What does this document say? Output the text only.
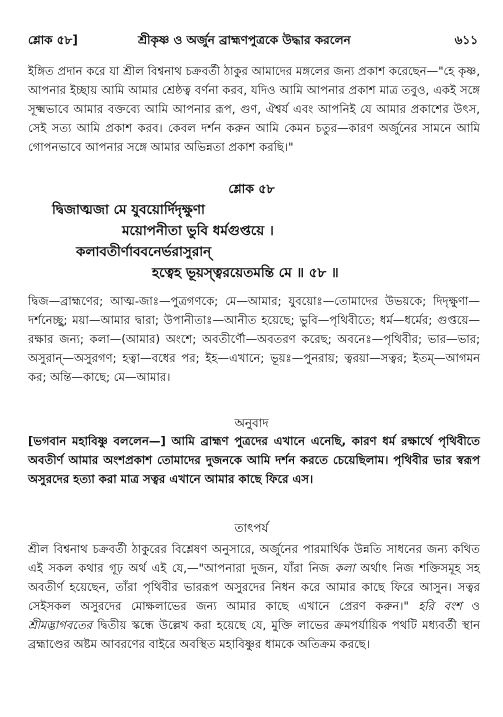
শ্লোক ৫৮]	শ্রীকৃষ্ণ ও অর্জুন ব্রাহ্মণপুত্রকে উদ্ধার করলেন	৬১১
ইঙ্গিত প্রদান করে যা শ্রীল বিশ্বনাথ চক্রবর্তী ঠাকুর আমাদের মঙ্গলের জন্য প্রকাশ করেছেন—"হে কৃষ্ণ, আপনার ইচ্ছায় আমি আমার শ্রেষ্ঠত্ব বর্ণনা করব, যদিও আমি আপনার প্রকাশ মাত্র তবুও, একই সঙ্গে সূক্ষ্মভাবে আমার বক্তব্যে আমি আপনার রূপ, গুণ, ঐশ্বর্য এবং আপনিই যে আমার প্রকাশের উৎস, সেই সত্য আমি প্রকাশ করব। কেবল দর্শন করুন আমি কেমন চতুর—কারণ অর্জুনের সামনে আমি গোপনভাবে আপনার সঙ্গে আমার অভিন্নতা প্রকাশ করছি।"
শ্লোক ৫৮
দ্বিজাত্মজা মে যুবয়োর্দিদৃক্ষুণা
ময়োপনীতা ভুবি ধর্মগুপ্তয়ে ।
কলাবতীর্ণাববনের্ভরাসুরান্
হত্বেহ ভূয়স্ত্বরয়েতমন্তি মে ॥ ৫৮ ॥
দ্বিজ—ব্রাহ্মণের; আত্ম-জাঃ—পুত্রগণকে; মে—আমার; যুবয়োঃ—তোমাদের উভয়কে; দিদৃক্ষুণা—দর্শনেচ্ছু; ময়া—আমার দ্বারা; উপানীতাঃ—আনীত হয়েছে; ভুবি—পৃথিবীতে; ধর্ম—ধর্মের; গুপ্তয়ে—রক্ষার জন্য; কলা—(আমার) অংশে; অবতীর্ণৌ—অবতরণ করেছ; অবনেঃ—পৃথিবীর; ভার—ভার; অসুরান্—অসুরগণ; হত্বা—বধের পর; ইহ—এখানে; ভূয়ঃ—পুনরায়; ত্বরয়া—সত্বর; ইতম্—আগমন কর; অন্তি—কাছে; মে—আমার।
অনুবাদ
[ভগবান মহাবিষ্ণু বললেন—] আমি ব্রাহ্মণ পুত্রদের এখানে এনেছি, কারণ ধর্ম রক্ষার্থে পৃথিবীতে অবতীর্ণ আমার অংশপ্রকাশ তোমাদের দুজনকে আমি দর্শন করতে চেয়েছিলাম। পৃথিবীর ভার স্বরূপ অসুরদের হত্যা করা মাত্র সত্বর এখানে আমার কাছে ফিরে এস।
তাৎপর্য
শ্রীল বিশ্বনাথ চক্রবর্তী ঠাকুরের বিশ্লেষণ অনুসারে, অর্জুনের পারমার্থিক উন্নতি সাধনের জন্য কথিত এই সকল কথার গূঢ় অর্থ এই যে,—"আপনারা দুজন, যাঁরা নিজ কলা অর্থাৎ নিজ শক্তিসমূহ সহ অবতীর্ণ হয়েছেন, তাঁরা পৃথিবীর ভাররূপ অসুরদের নিধন করে আমার কাছে ফিরে আসুন। সত্বর সেইসকল অসুরদের মোক্ষলাভের জন্য আমার কাছে এখানে প্রেরণ করুন।" হরি বংশ ও শ্রীমদ্ভাগবতের দ্বিতীয় স্কন্ধে উল্লেখ করা হয়েছে যে, মুক্তি লাভের ক্রমপর্যায়িক পথটি মধ্যবর্তী স্থান ব্রহ্মাণ্ডের অষ্টম আবরণের বাইরে অবস্থিত মহাবিষ্ণুর ধামকে অতিক্রম করছে।
